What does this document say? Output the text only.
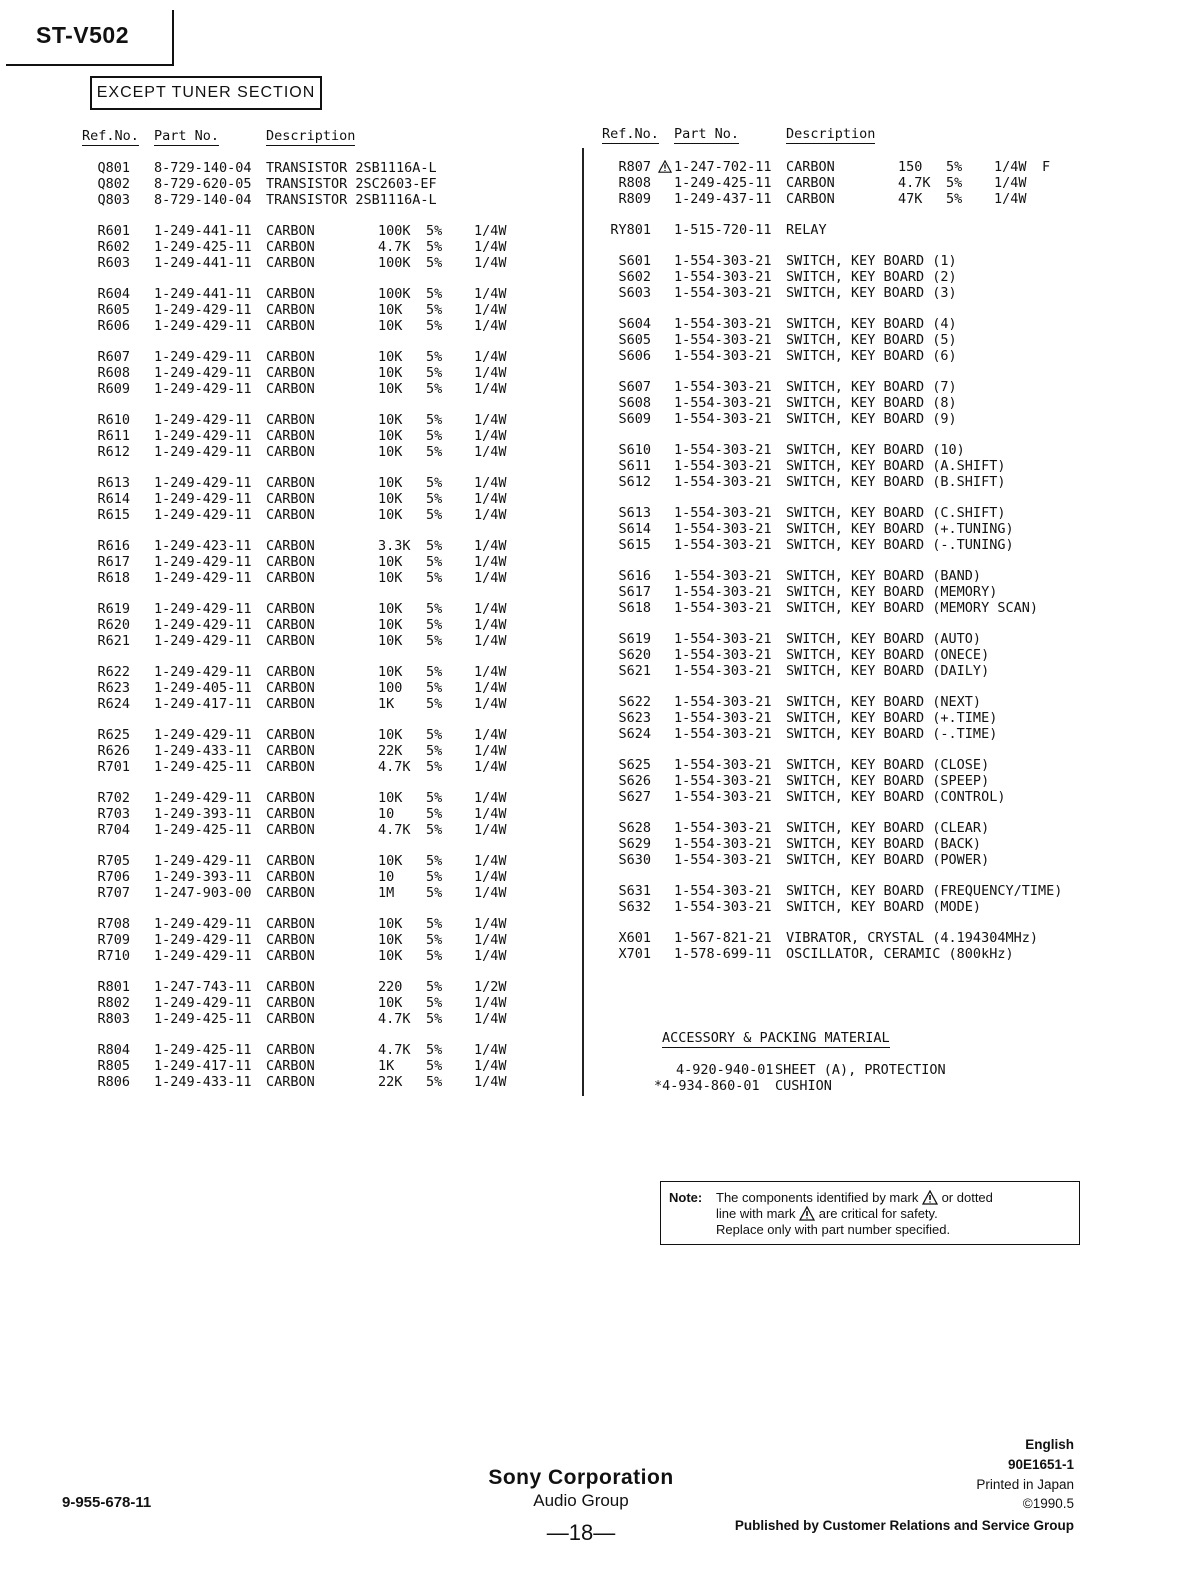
ST-V502
EXCEPT TUNER SECTION
Ref.No. Part No.	Description	Ref.No. Part No.	Description
Q801 8-729-140-04 TRANSISTOR 2SB1116A-L
Q802 8-729-620-05 TRANSISTOR 2SC2603-EF
Q803 8-729-140-04 TRANSISTOR 2SB1116A-L
R601 1-249-441-11 CARBON	100K 5% 1/4W
R602 1-249-425-11 CARBON	4.7K 5% 1/4W
R603 1-249-441-11 CARBON	100K 5% 1/4W
R604 1-249-441-11 CARBON	100K 5% 1/4W
R605 1-249-429-11 CARBON	10K 5% 1/4W
R606 1-249-429-11 CARBON	10K 5% 1/4W
R607 1-249-429-11 CARBON	10K 5% 1/4W
R608 1-249-429-11 CARBON	10K 5% 1/4W
R609 1-249-429-11 CARBON	10K 5% 1/4W
R610 1-249-429-11 CARBON	10K 5% 1/4W
R611 1-249-429-11 CARBON	10K 5% 1/4W
R612 1-249-429-11 CARBON	10K 5% 1/4W
R613 1-249-429-11 CARBON	10K 5% 1/4W
R614 1-249-429-11 CARBON	10K 5% 1/4W
R615 1-249-429-11 CARBON	10K 5% 1/4W
R616 1-249-423-11 CARBON	3.3K 5% 1/4W
R617 1-249-429-11 CARBON	10K 5% 1/4W
R618 1-249-429-11 CARBON	10K 5% 1/4W
R619 1-249-429-11 CARBON	10K 5% 1/4W
R620 1-249-429-11 CARBON	10K 5% 1/4W
R621 1-249-429-11 CARBON	10K 5% 1/4W
R622 1-249-429-11 CARBON	10K 5% 1/4W
R623 1-249-405-11 CARBON	100 5% 1/4W
R624 1-249-417-11 CARBON	1K 5% 1/4W
R625 1-249-429-11 CARBON	10K 5% 1/4W
R626 1-249-433-11 CARBON	22K 5% 1/4W
R701 1-249-425-11 CARBON	4.7K 5% 1/4W
R702 1-249-429-11 CARBON	10K 5% 1/4W
R703 1-249-393-11 CARBON	10 5% 1/4W
R704 1-249-425-11 CARBON	4.7K 5% 1/4W
R705 1-249-429-11 CARBON	10K 5% 1/4W
R706 1-249-393-11 CARBON	10 5% 1/4W
R707 1-247-903-00 CARBON	1M 5% 1/4W
R708 1-249-429-11 CARBON	10K 5% 1/4W
R709 1-249-429-11 CARBON	10K 5% 1/4W
R710 1-249-429-11 CARBON	10K 5% 1/4W
R801 1-247-743-11 CARBON	220 5% 1/2W
R802 1-249-429-11 CARBON	10K 5% 1/4W
R803 1-249-425-11 CARBON	4.7K 5% 1/4W
R804 1-249-425-11 CARBON	4.7K 5% 1/4W
R805 1-249-417-11 CARBON	1K 5% 1/4W
R806 1-249-433-11 CARBON	22K 5% 1/4W
R807 1-247-702-11 CARBON	150 5% 1/4W F
R808 1-249-425-11 CARBON	4.7K 5% 1/4W
R809 1-249-437-11 CARBON	47K 5% 1/4W
RY801 1-515-720-11 RELAY
S601 1-554-303-21 SWITCH, KEY BOARD (1)
S602 1-554-303-21 SWITCH, KEY BOARD (2)
S603 1-554-303-21 SWITCH, KEY BOARD (3)
S604 1-554-303-21 SWITCH, KEY BOARD (4)
S605 1-554-303-21 SWITCH, KEY BOARD (5)
S606 1-554-303-21 SWITCH, KEY BOARD (6)
S607 1-554-303-21 SWITCH, KEY BOARD (7)
S608 1-554-303-21 SWITCH, KEY BOARD (8)
S609 1-554-303-21 SWITCH, KEY BOARD (9)
S610 1-554-303-21 SWITCH, KEY BOARD (10)
S611 1-554-303-21 SWITCH, KEY BOARD (A.SHIFT)
S612 1-554-303-21 SWITCH, KEY BOARD (B.SHIFT)
S613 1-554-303-21 SWITCH, KEY BOARD (C.SHIFT)
S614 1-554-303-21 SWITCH, KEY BOARD (+.TUNING)
S615 1-554-303-21 SWITCH, KEY BOARD (-.TUNING)
S616 1-554-303-21 SWITCH, KEY BOARD (BAND)
S617 1-554-303-21 SWITCH, KEY BOARD (MEMORY)
S618 1-554-303-21 SWITCH, KEY BOARD (MEMORY SCAN)
S619 1-554-303-21 SWITCH, KEY BOARD (AUTO)
S620 1-554-303-21 SWITCH, KEY BOARD (ONECE)
S621 1-554-303-21 SWITCH, KEY BOARD (DAILY)
S622 1-554-303-21 SWITCH, KEY BOARD (NEXT)
S623 1-554-303-21 SWITCH, KEY BOARD (+.TIME)
S624 1-554-303-21 SWITCH, KEY BOARD (-.TIME)
S625 1-554-303-21 SWITCH, KEY BOARD (CLOSE)
S626 1-554-303-21 SWITCH, KEY BOARD (SPEEP)
S627 1-554-303-21 SWITCH, KEY BOARD (CONTROL)
S628 1-554-303-21 SWITCH, KEY BOARD (CLEAR)
S629 1-554-303-21 SWITCH, KEY BOARD (BACK)
S630 1-554-303-21 SWITCH, KEY BOARD (POWER)
S631 1-554-303-21 SWITCH, KEY BOARD (FREQUENCY/TIME)
S632 1-554-303-21 SWITCH, KEY BOARD (MODE)
X601 1-567-821-21 VIBRATOR, CRYSTAL (4.194304MHz)
X701 1-578-699-11 OSCILLATOR, CERAMIC (800kHz)
ACCESSORY & PACKING MATERIAL
4-920-940-01 SHEET (A), PROTECTION
*4-934-860-01 CUSHION
Note: The components identified by mark or dotted
line with mark are critical for safety.
Replace only with part number specified.
9-955-678-11
Sony Corporation
Audio Group
—18—
English
90E1651-1
Printed in Japan
©1990.5
Published by Customer Relations and Service Group
